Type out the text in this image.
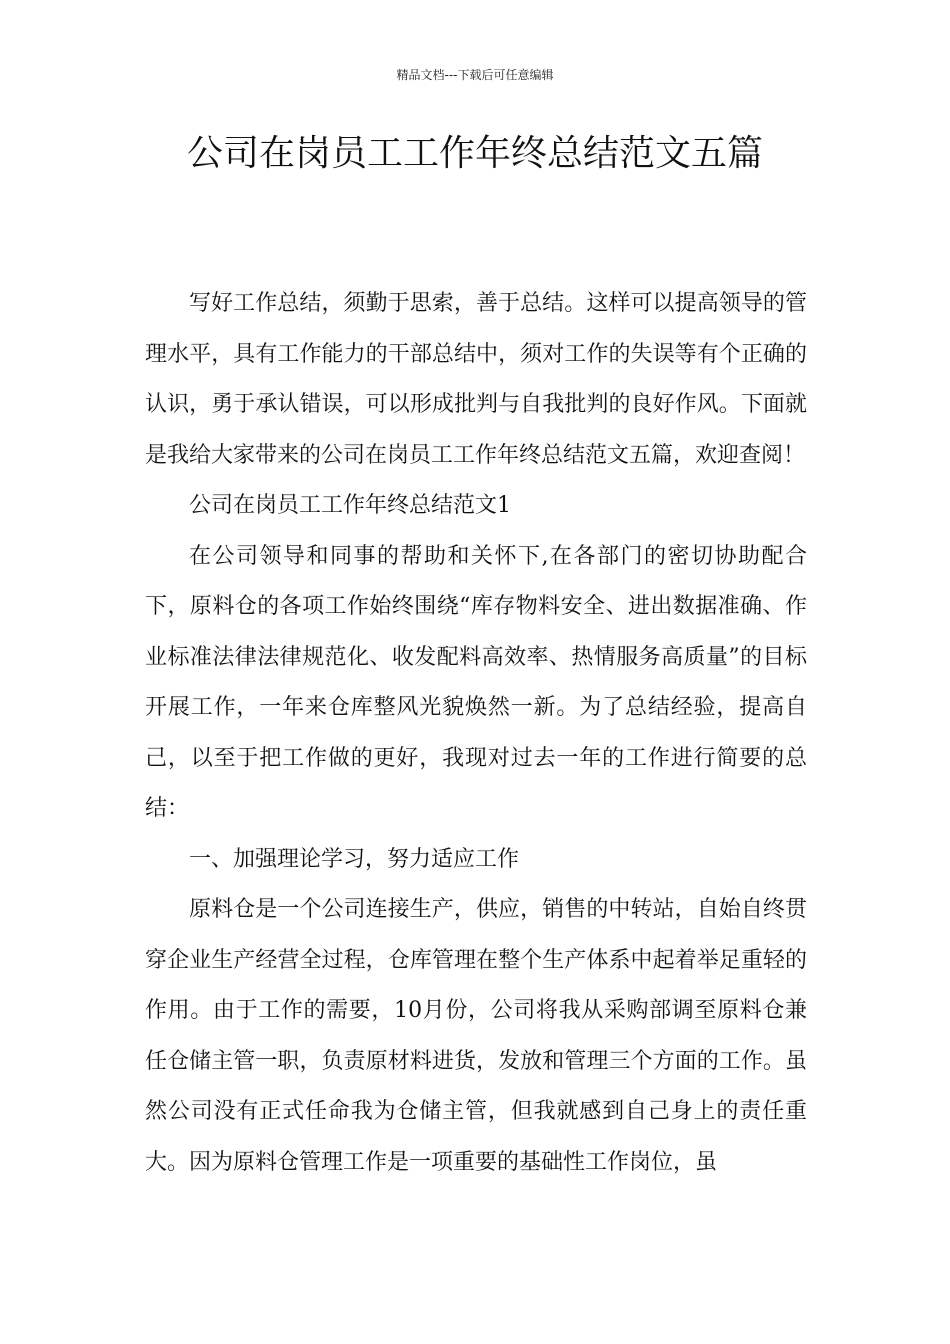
精品文档---下载后可任意编辑
公司在岗员工工作年终总结范文五篇

写好工作总结，须勤于思索，善于总结。这样可以提高领导的管理水平，具有工作能力的干部总结中，须对工作的失误等有个正确的认识，勇于承认错误，可以形成批判与自我批判的良好作风。下面就是我给大家带来的公司在岗员工工作年终总结范文五篇，欢迎查阅！

公司在岗员工工作年终总结范文1

在公司领导和同事的帮助和关怀下,在各部门的密切协助配合下，原料仓的各项工作始终围绕“库存物料安全、进出数据准确、作业标准法律法律规范化、收发配料高效率、热情服务高质量”的目标开展工作，一年来仓库整风光貌焕然一新。为了总结经验，提高自己，以至于把工作做的更好，我现对过去一年的工作进行简要的总结：

一、加强理论学习，努力适应工作

原料仓是一个公司连接生产，供应，销售的中转站，自始自终贯穿企业生产经营全过程，仓库管理在整个生产体系中起着举足重轻的作用。由于工作的需要，10月份，公司将我从采购部调至原料仓兼任仓储主管一职，负责原材料进货，发放和管理三个方面的工作。虽然公司没有正式任命我为仓储主管，但我就感到自己身上的责任重大。因为原料仓管理工作是一项重要的基础性工作岗位，虽
